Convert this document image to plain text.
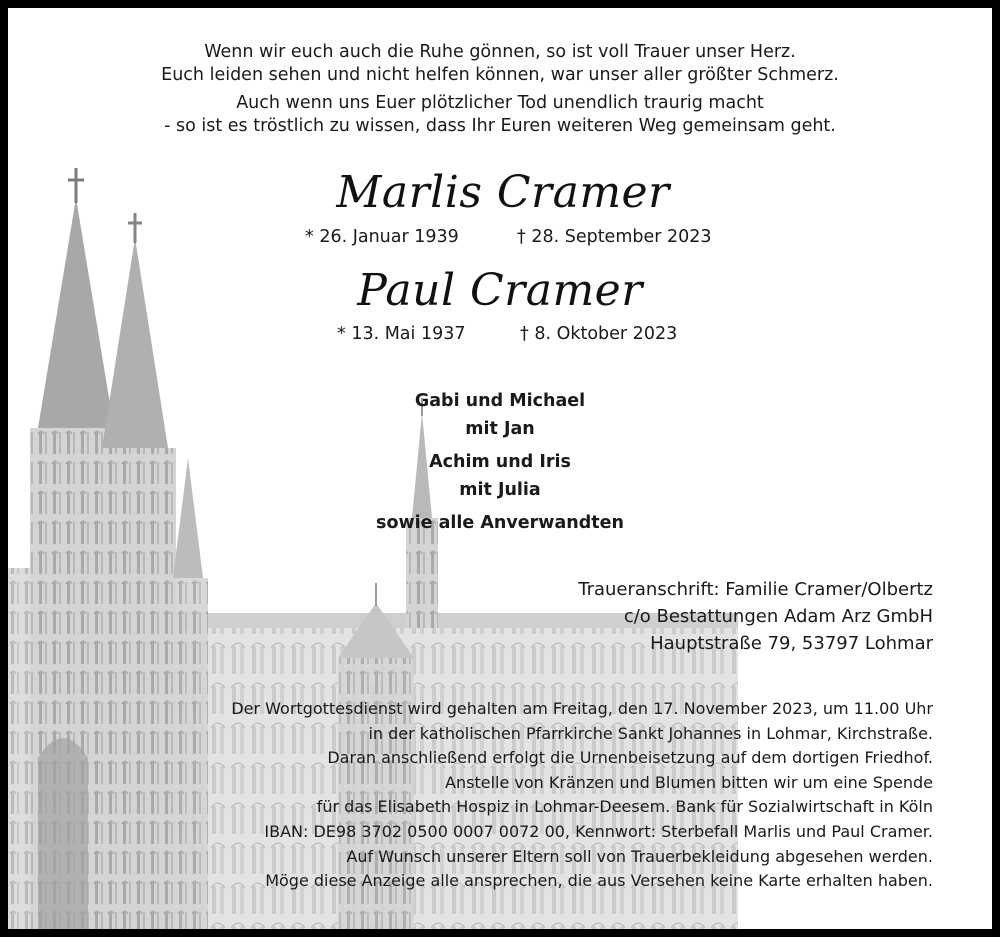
Wenn wir euch auch die Ruhe gönnen, so ist voll Trauer unser Herz.
Euch leiden sehen und nicht helfen können, war unser aller größter Schmerz.
Auch wenn uns Euer plötzlicher Tod unendlich traurig macht
- so ist es tröstlich zu wissen, dass Ihr Euren weiteren Weg gemeinsam geht.
Marlis Cramer
* 26. Januar 1939	† 28. September 2023
Paul Cramer
* 13. Mai 1937	† 8. Oktober 2023
Gabi und Michael
mit Jan
Achim und Iris
mit Julia
sowie alle Anverwandten
Traueranschrift: Familie Cramer/Olbertz
c/o Bestattungen Adam Arz GmbH
Hauptstraße 79, 53797 Lohmar
Der Wortgottesdienst wird gehalten am Freitag, den 17. November 2023, um 11.00 Uhr
in der katholischen Pfarrkirche Sankt Johannes in Lohmar, Kirchstraße.
Daran anschließend erfolgt die Urnenbeisetzung auf dem dortigen Friedhof.
Anstelle von Kränzen und Blumen bitten wir um eine Spende
für das Elisabeth Hospiz in Lohmar-Deesem. Bank für Sozialwirtschaft in Köln
IBAN: DE98 3702 0500 0007 0072 00, Kennwort: Sterbefall Marlis und Paul Cramer.
Auf Wunsch unserer Eltern soll von Trauerbekleidung abgesehen werden.
Möge diese Anzeige alle ansprechen, die aus Versehen keine Karte erhalten haben.
